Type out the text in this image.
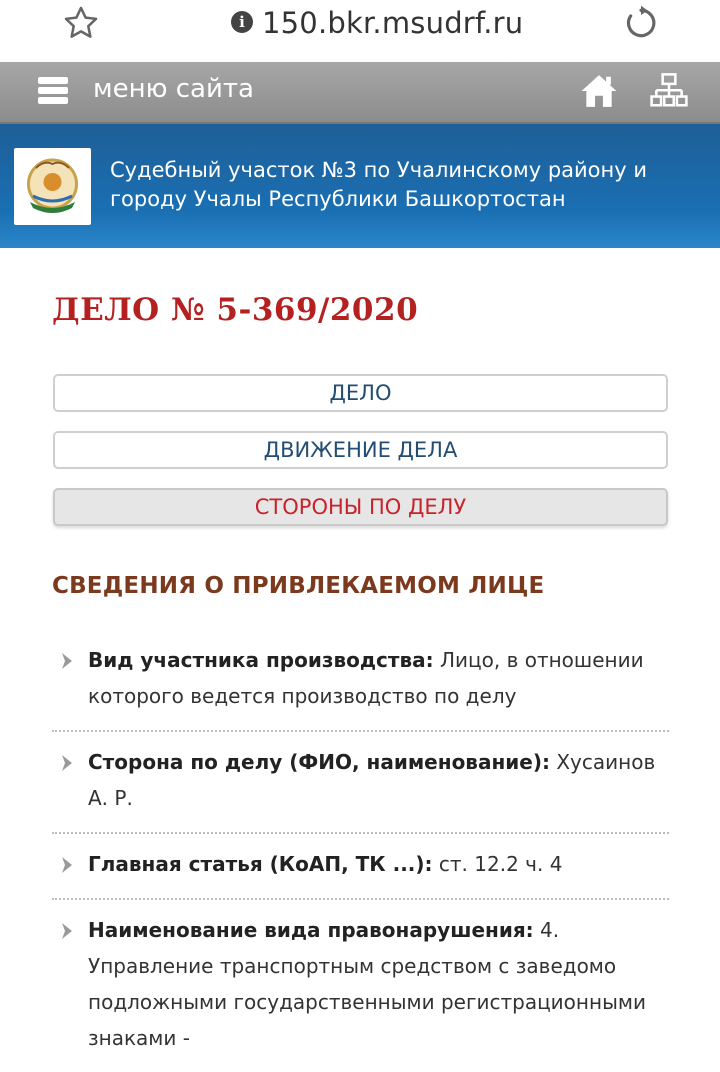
i 150.bkr.msudrf.ru
меню сайта
Судебный участок №3 по Учалинскому району и городу Учалы Республики Башкортостан
ДЕЛО № 5-369/2020
ДЕЛО
ДВИЖЕНИЕ ДЕЛА
СТОРОНЫ ПО ДЕЛУ
СВЕДЕНИЯ О ПРИВЛЕКАЕМОМ ЛИЦЕ
Вид участника производства: Лицо, в отношении которого ведется производство по делу
Сторона по делу (ФИО, наименование): Хусаинов А. Р.
Главная статья (КоАП, ТК ...): ст. 12.2 ч. 4
Наименование вида правонарушения: 4. Управление транспортным средством с заведомо подложными государственными регистрационными знаками -
